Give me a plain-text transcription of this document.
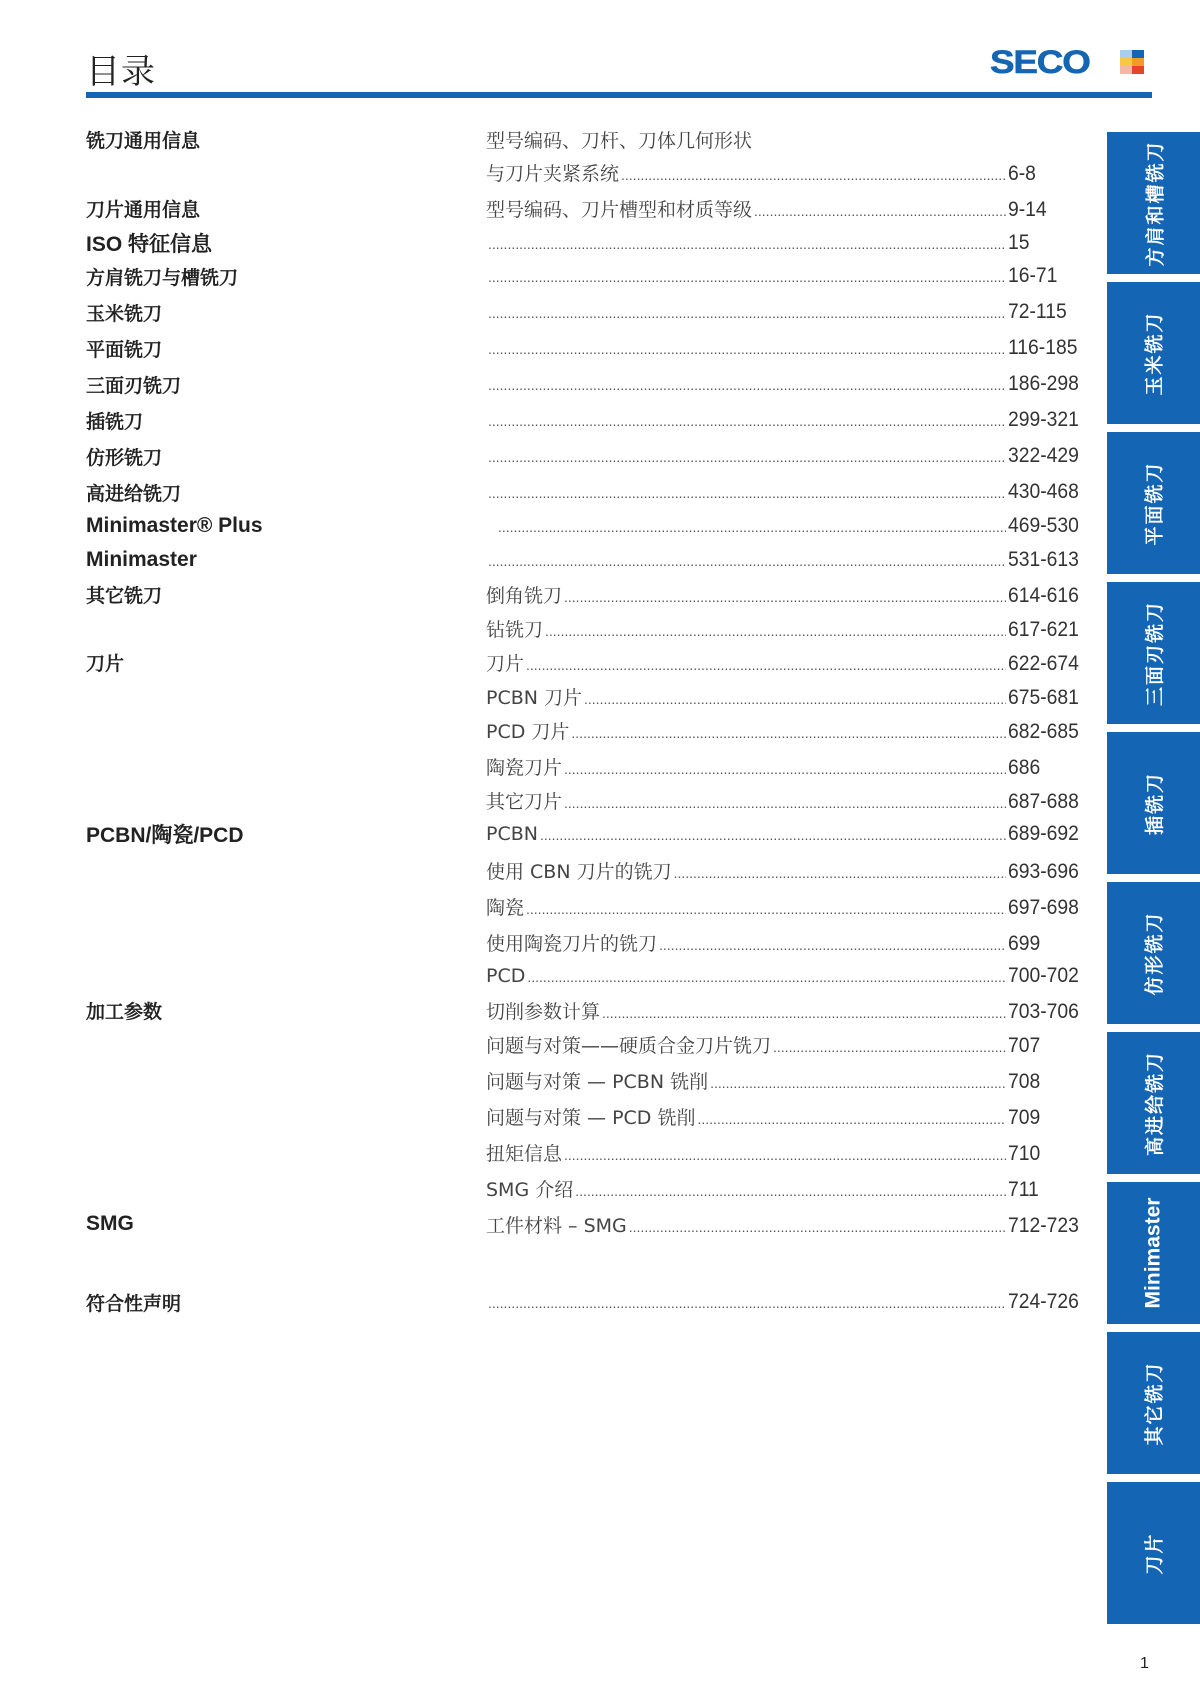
目录	SECO
铣刀通用信息	型号编码、刀杆、刀体几何形状
与刀片夹紧系统 .....	6-8
刀片通用信息	型号编码、刀片槽型和材质等级 .....	9-14
ISO 特征信息 .....	15
方肩铣刀与槽铣刀 .....	16-71
玉米铣刀 .....	72-115
平面铣刀 .....	116-185
三面刃铣刀 .....	186-298
插铣刀 .....	299-321
仿形铣刀 .....	322-429
高进给铣刀 .....	430-468
Minimaster® Plus .....	469-530
Minimaster .....	531-613
其它铣刀	倒角铣刀 .....	614-616
钻铣刀 .....	617-621
刀片	刀片 .....	622-674
PCBN 刀片 .....	675-681
PCD 刀片 .....	682-685
陶瓷刀片 .....	686
其它刀片 .....	687-688
PCBN/陶瓷/PCD	PCBN .....	689-692
使用 CBN 刀片的铣刀 .....	693-696
陶瓷 .....	697-698
使用陶瓷刀片的铣刀 .....	699
PCD .....	700-702
加工参数	切削参数计算 .....	703-706
问题与对策——硬质合金刀片铣刀 .....	707
问题与对策 — PCBN 铣削 .....	708
问题与对策 — PCD 铣削 .....	709
扭矩信息 .....	710
SMG 介绍 .....	711
SMG	工件材料 – SMG .....	712-723
符合性声明 .....	724-726
方肩和槽铣刀
玉米铣刀
平面铣刀
三面刃铣刀
插铣刀
仿形铣刀
高进给铣刀
Minimaster
其它铣刀
刀片
1
